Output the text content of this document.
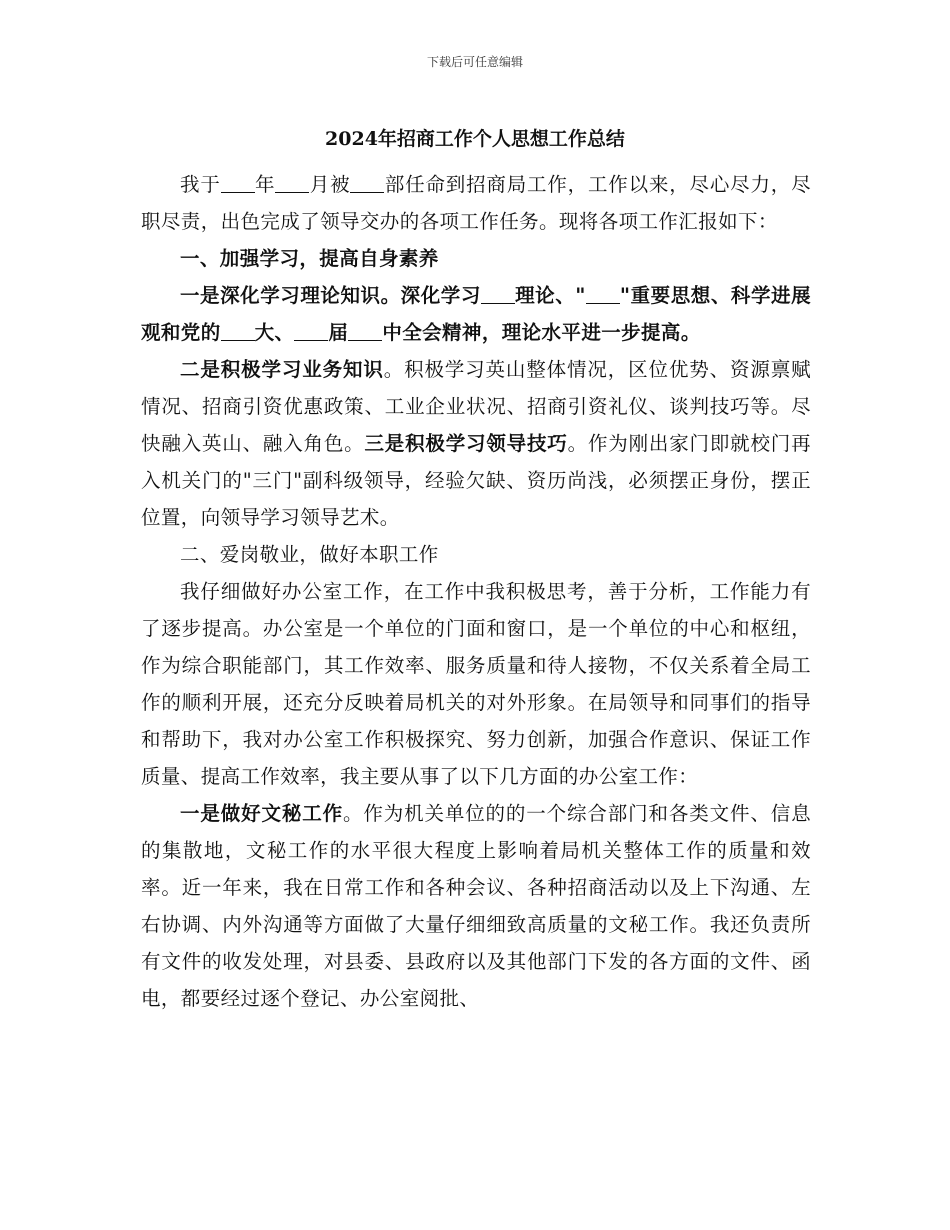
下载后可任意编辑
2024年招商工作个人思想工作总结

我于 年 月被 部任命到招商局工作，工作以来，尽心尽力，尽职尽责，出色完成了领导交办的各项工作任务。现将各项工作汇报如下：

一、加强学习，提高自身素养

一是深化学习理论知识。深化学习 理论、" "重要思想、科学进展观和党的 大、 届 中全会精神，理论水平进一步提高。

二是积极学习业务知识。积极学习英山整体情况，区位优势、资源禀赋情况、招商引资优惠政策、工业企业状况、招商引资礼仪、谈判技巧等。尽快融入英山、融入角色。三是积极学习领导技巧。作为刚出家门即就校门再入机关门的"三门"副科级领导，经验欠缺、资历尚浅，必须摆正身份，摆正位置，向领导学习领导艺术。

二、爱岗敬业，做好本职工作

我仔细做好办公室工作，在工作中我积极思考，善于分析，工作能力有了逐步提高。办公室是一个单位的门面和窗口，是一个单位的中心和枢纽，作为综合职能部门，其工作效率、服务质量和待人接物，不仅关系着全局工作的顺利开展，还充分反映着局机关的对外形象。在局领导和同事们的指导和帮助下，我对办公室工作积极探究、努力创新，加强合作意识、保证工作质量、提高工作效率，我主要从事了以下几方面的办公室工作：

一是做好文秘工作。作为机关单位的的一个综合部门和各类文件、信息的集散地，文秘工作的水平很大程度上影响着局机关整体工作的质量和效率。近一年来，我在日常工作和各种会议、各种招商活动以及上下沟通、左右协调、内外沟通等方面做了大量仔细细致高质量的文秘工作。我还负责所有文件的收发处理，对县委、县政府以及其他部门下发的各方面的文件、函电，都要经过逐个登记、办公室阅批、
